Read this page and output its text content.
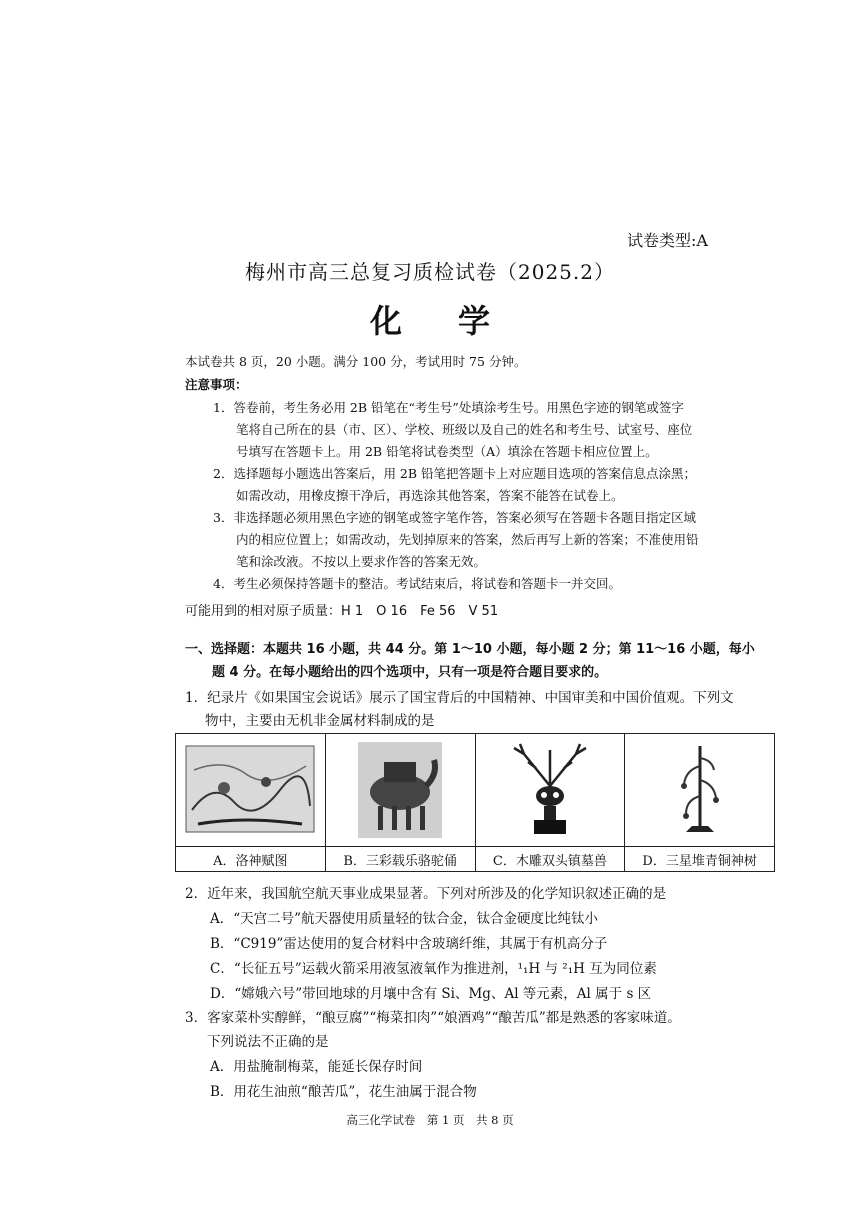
试卷类型:A
梅州市高三总复习质检试卷（2025.2）
化学
本试卷共 8 页，20 小题。满分 100 分，考试用时 75 分钟。
注意事项：
1．答卷前，考生务必用 2B 铅笔在“考生号”处填涂考生号。用黑色字迹的钢笔或签字
笔将自己所在的县（市、区）、学校、班级以及自己的姓名和考生号、试室号、座位
号填写在答题卡上。用 2B 铅笔将试卷类型（A）填涂在答题卡相应位置上。
2．选择题每小题选出答案后，用 2B 铅笔把答题卡上对应题目选项的答案信息点涂黑；
如需改动，用橡皮擦干净后，再选涂其他答案，答案不能答在试卷上。
3．非选择题必须用黑色字迹的钢笔或签字笔作答，答案必须写在答题卡各题目指定区域
内的相应位置上；如需改动，先划掉原来的答案，然后再写上新的答案；不准使用铅
笔和涂改液。不按以上要求作答的答案无效。
4．考生必须保持答题卡的整洁。考试结束后，将试卷和答题卡一并交回。
可能用到的相对原子质量：H 1　O 16　Fe 56　V 51
一、选择题：本题共 16 小题，共 44 分。第 1～10 小题，每小题 2 分；第 11～16 小题，每小
题 4 分。在每小题给出的四个选项中，只有一项是符合题目要求的。
1．纪录片《如果国宝会说话》展示了国宝背后的中国精神、中国审美和中国价值观。下列文
物中，主要由无机非金属材料制成的是

A．洛神赋图	B．三彩载乐骆驼俑	C．木雕双头镇墓兽	D．三星堆青铜神树
2．近年来，我国航空航天事业成果显著。下列对所涉及的化学知识叙述正确的是
A．“天宫二号”航天器使用质量轻的钛合金，钛合金硬度比纯钛小
B．“C919”雷达使用的复合材料中含玻璃纤维，其属于有机高分子
C．“长征五号”运载火箭采用液氢液氧作为推进剂，¹₁H 与 ²₁H 互为同位素
D．“嫦娥六号”带回地球的月壤中含有 Si、Mg、Al 等元素，Al 属于 s 区
3．客家菜朴实醇鲜，“酿豆腐”“梅菜扣肉”“娘酒鸡”“酿苦瓜”都是熟悉的客家味道。
下列说法不正确的是
A．用盐腌制梅菜，能延长保存时间
B．用花生油煎“酿苦瓜”，花生油属于混合物
高三化学试卷　第 1 页　共 8 页
